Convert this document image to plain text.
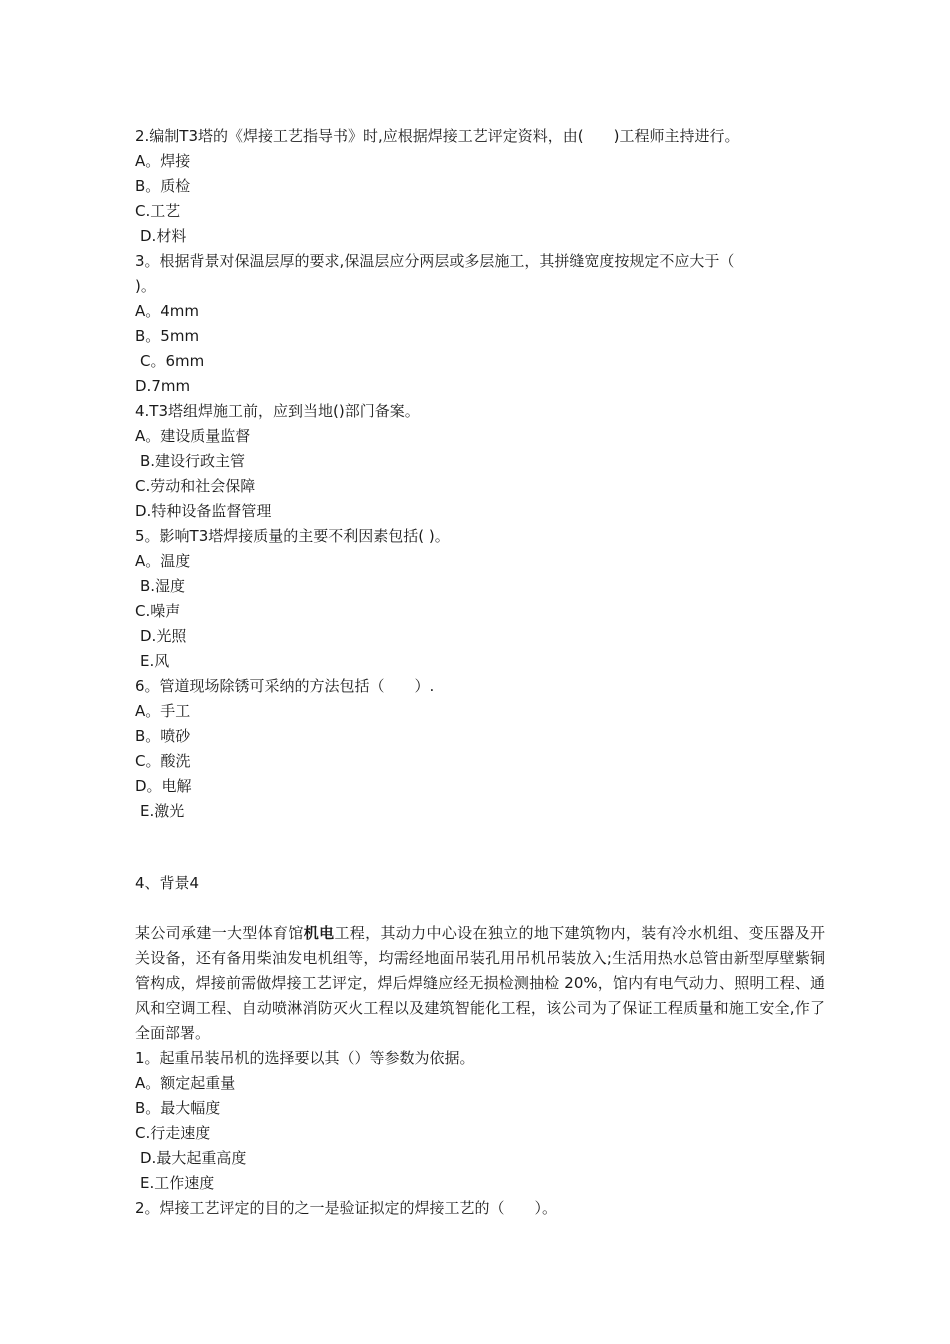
2.编制T3塔的《焊接工艺指导书》时,应根据焊接工艺评定资料，由(　　)工程师主持进行。
A。焊接
B。质检
C.工艺
D.材料
3。根据背景对保温层厚的要求,保温层应分两层或多层施工，其拼缝宽度按规定不应大于（
)。
A。4mm
B。5mm
C。6mm
D.7mm
4.T3塔组焊施工前，应到当地()部门备案。
A。建设质量监督
B.建设行政主管
C.劳动和社会保障
D.特种设备监督管理
5。影响T3塔焊接质量的主要不利因素包括( )。
A。温度
B.湿度
C.噪声
D.光照
E.风
6。管道现场除锈可采纳的方法包括（　　）.
A。手工
B。喷砂
C。酸洗
D。电解
E.激光
4、背景4
某公司承建一大型体育馆机电工程，其动力中心设在独立的地下建筑物内，装有冷水机组、变压器及开关设备，还有备用柴油发电机组等，均需经地面吊装孔用吊机吊装放入;生活用热水总管由新型厚壁紫铜管构成，焊接前需做焊接工艺评定，焊后焊缝应经无损检测抽检 20%，馆内有电气动力、照明工程、通风和空调工程、自动喷淋消防灭火工程以及建筑智能化工程，该公司为了保证工程质量和施工安全,作了全面部署。
1。起重吊装吊机的选择要以其（）等参数为依据。
A。额定起重量
B。最大幅度
C.行走速度
D.最大起重高度
E.工作速度
2。焊接工艺评定的目的之一是验证拟定的焊接工艺的（　　）。
